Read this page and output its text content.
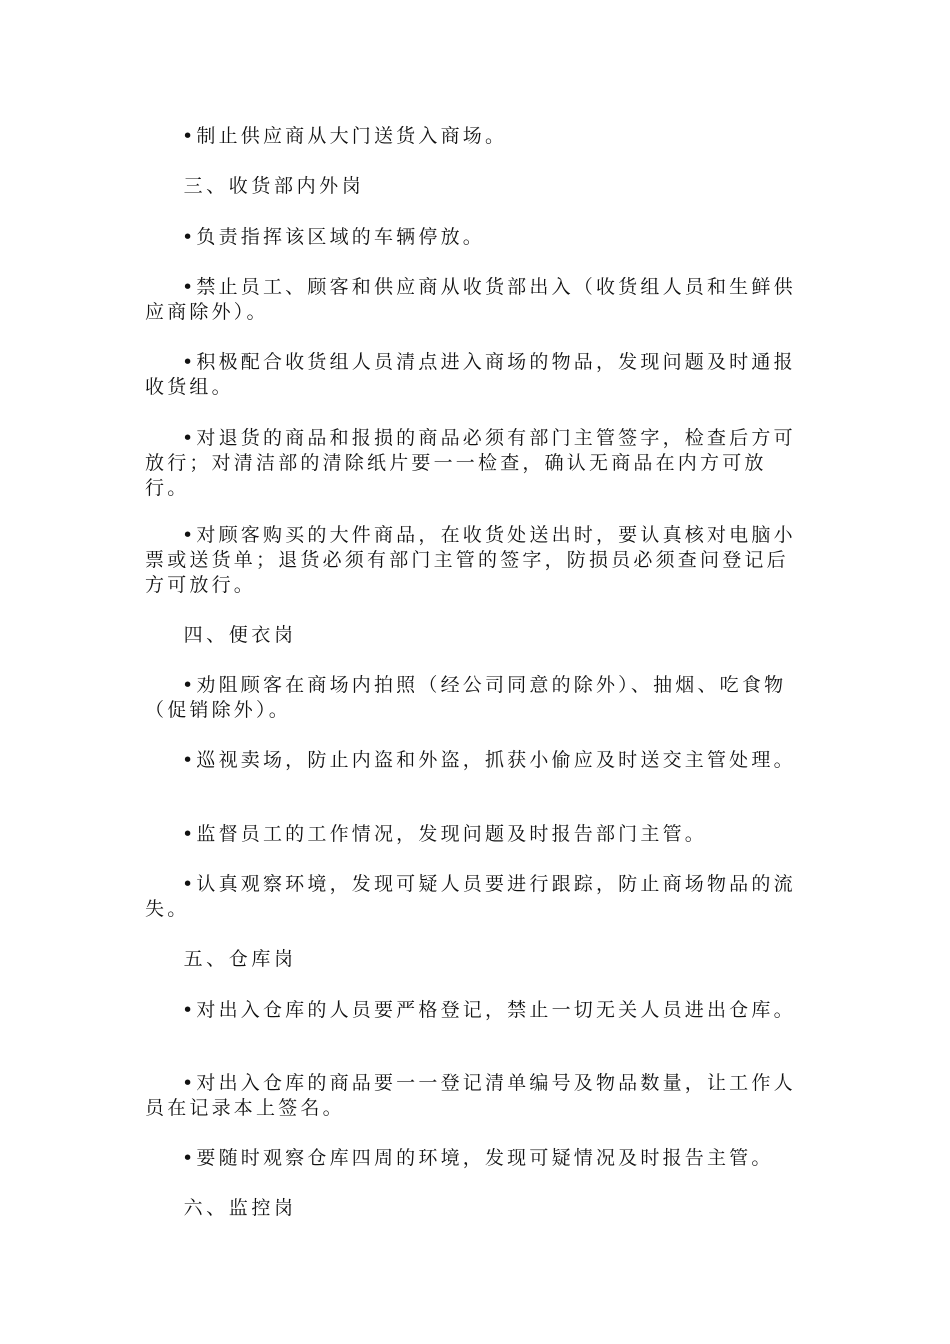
•制止供应商从大门送货入商场。

三、收货部内外岗

•负责指挥该区域的车辆停放。

•禁止员工、顾客和供应商从收货部出入（收货组人员和生鲜供应商除外）。

•积极配合收货组人员清点进入商场的物品，发现问题及时通报收货组。

•对退货的商品和报损的商品必须有部门主管签字，检查后方可放行；对清洁部的清除纸片要一一检查，确认无商品在内方可放行。

•对顾客购买的大件商品，在收货处送出时，要认真核对电脑小票或送货单；退货必须有部门主管的签字，防损员必须查问登记后方可放行。

四、便衣岗

•劝阻顾客在商场内拍照（经公司同意的除外）、抽烟、吃食物（促销除外）。

•巡视卖场，防止内盗和外盗，抓获小偷应及时送交主管处理。

•监督员工的工作情况，发现问题及时报告部门主管。

•认真观察环境，发现可疑人员要进行跟踪，防止商场物品的流失。

五、仓库岗

•对出入仓库的人员要严格登记，禁止一切无关人员进出仓库。

•对出入仓库的商品要一一登记清单编号及物品数量，让工作人员在记录本上签名。

•要随时观察仓库四周的环境，发现可疑情况及时报告主管。

六、监控岗
